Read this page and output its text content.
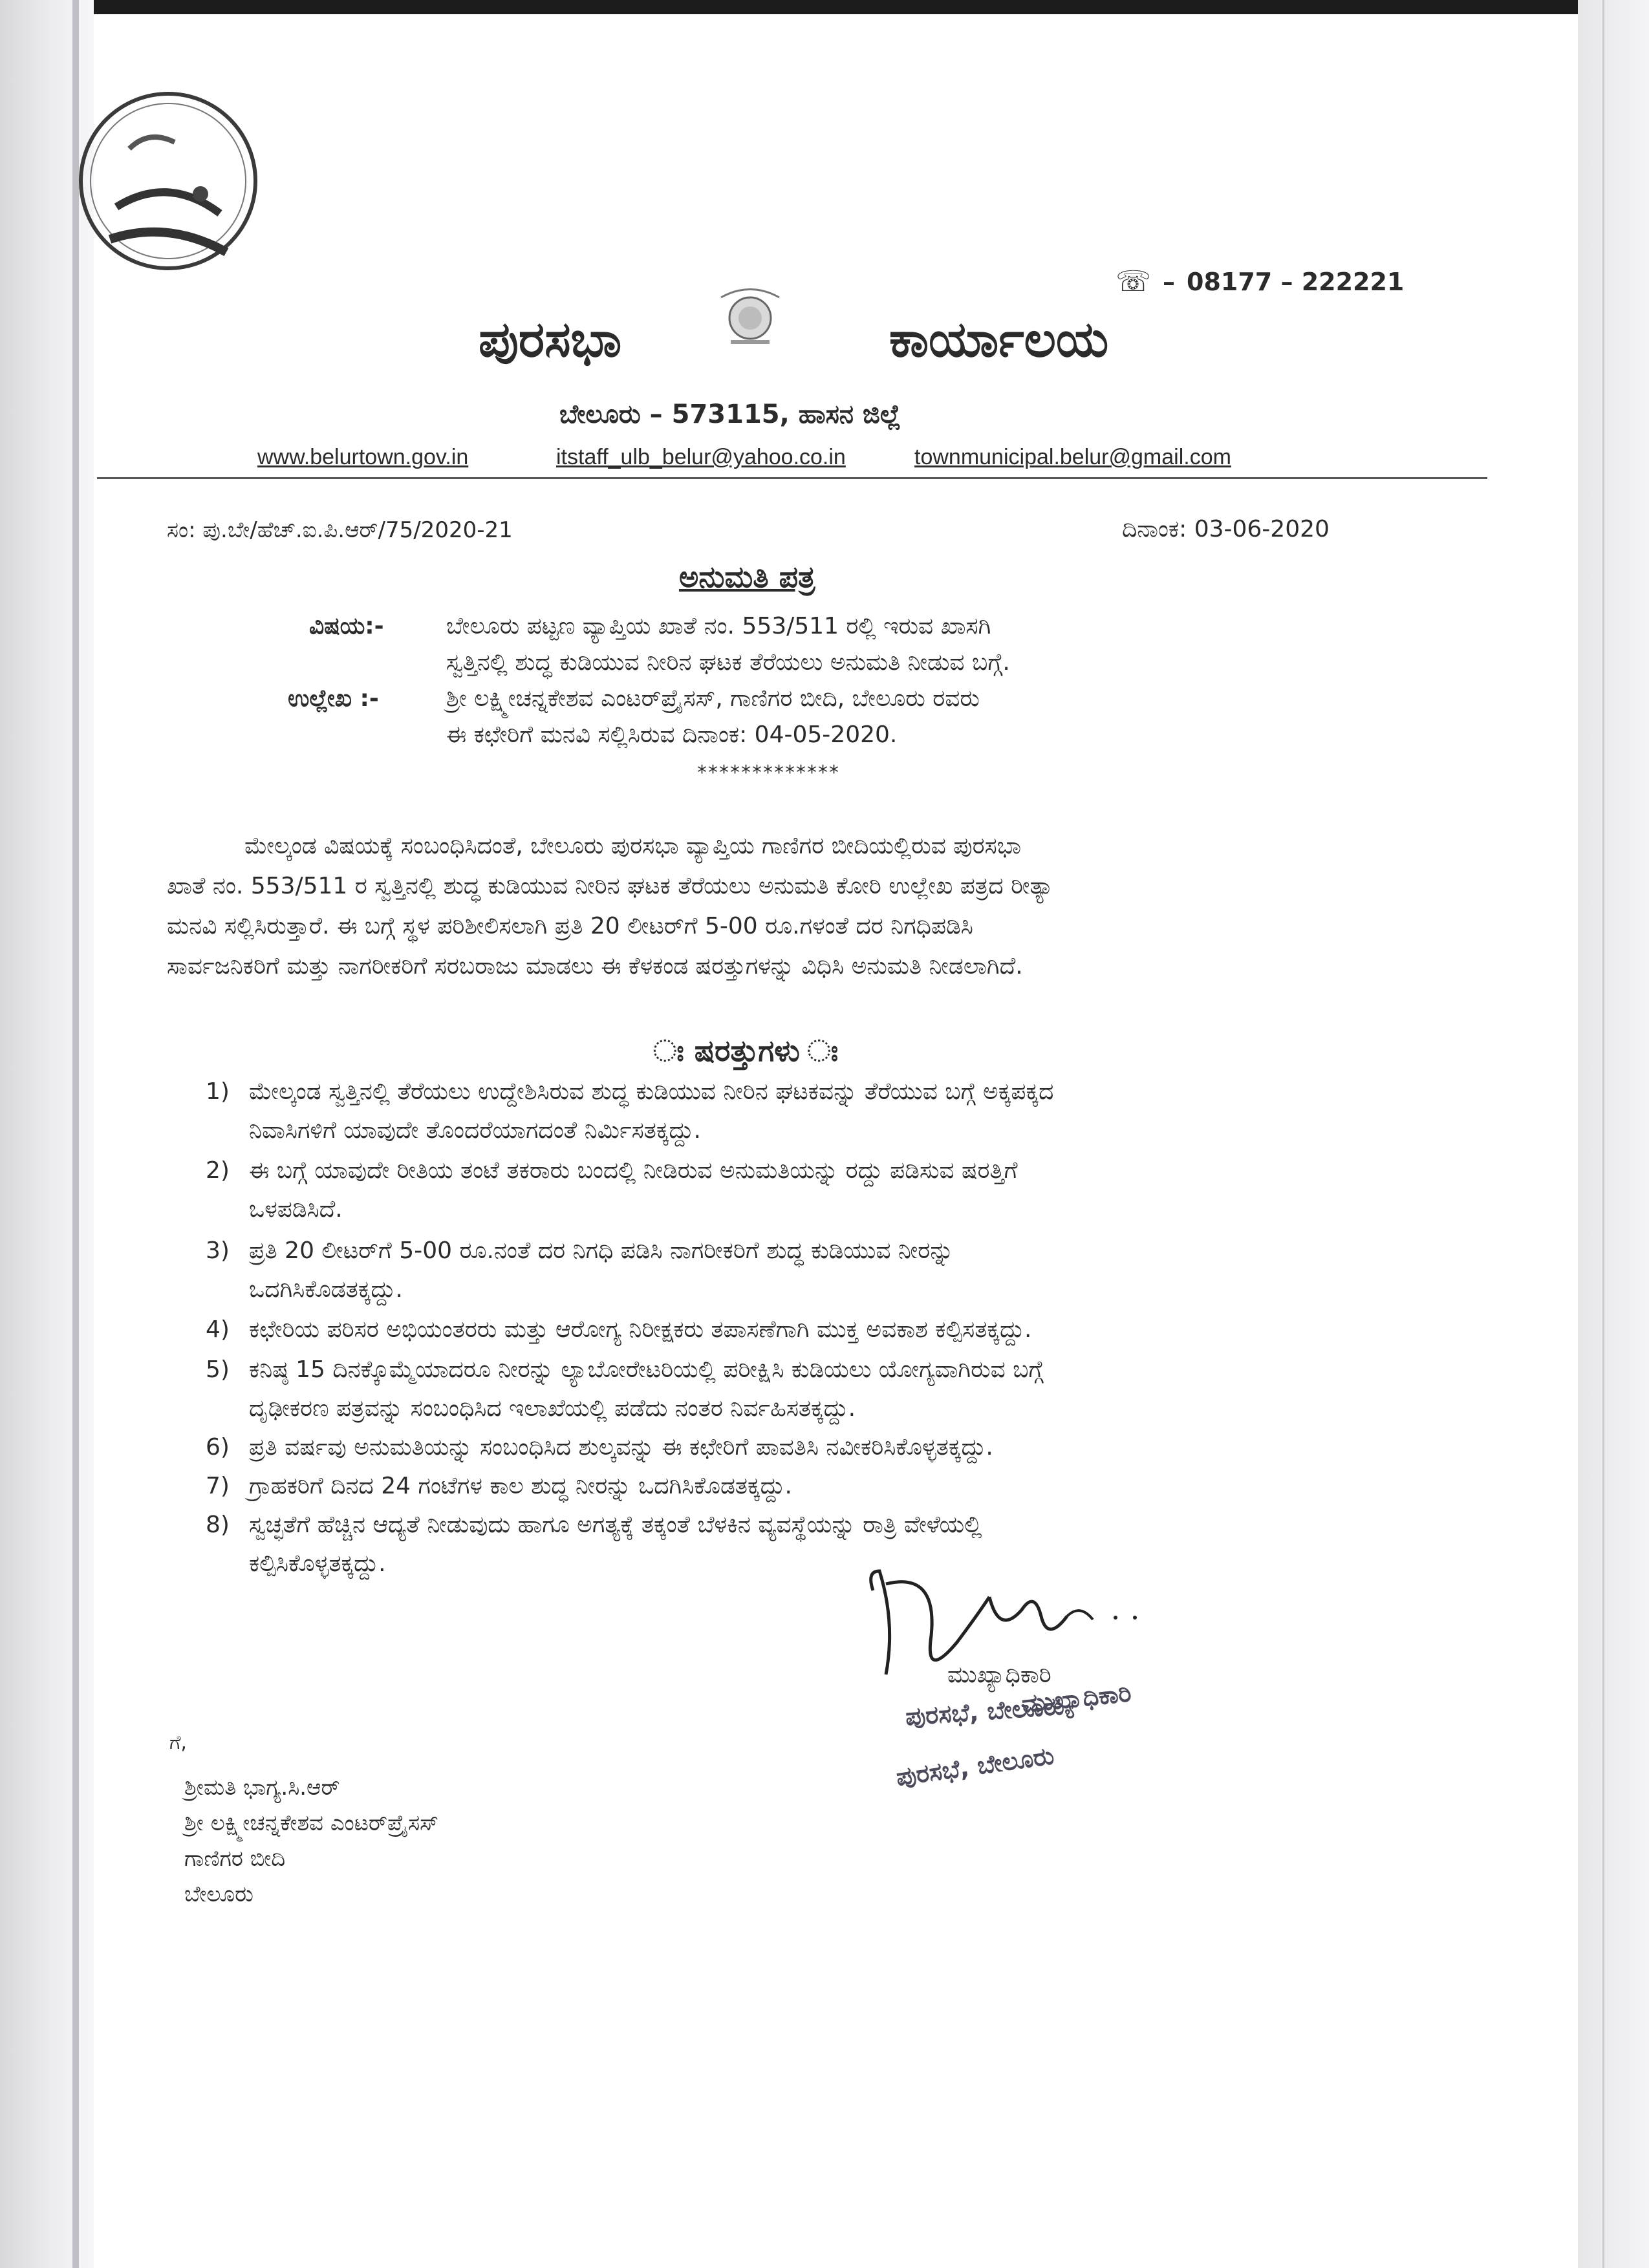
☏ – 08177 – 222221
ಪುರಸಭಾ	ಕಾರ್ಯಾಲಯ
ಬೇಲೂರು – 573115, ಹಾಸನ ಜಿಲ್ಲೆ
www.belurtown.gov.in	itstaff_ulb_belur@yahoo.co.in	townmunicipal.belur@gmail.com
ಸಂ: ಪು.ಬೇ/ಹೆಚ್.ಐ.ಪಿ.ಆರ್/75/2020-21	ದಿನಾಂಕ: 03-06-2020
ಅನುಮತಿ ಪತ್ರ
ವಿಷಯ:-	ಬೇಲೂರು ಪಟ್ಟಣ ವ್ಯಾಪ್ತಿಯ ಖಾತೆ ನಂ. 553/511 ರಲ್ಲಿ ಇರುವ ಖಾಸಗಿ
ಸ್ವತ್ತಿನಲ್ಲಿ ಶುದ್ಧ ಕುಡಿಯುವ ನೀರಿನ ಘಟಕ ತೆರೆಯಲು ಅನುಮತಿ ನೀಡುವ ಬಗ್ಗೆ.
ಉಲ್ಲೇಖ :-	ಶ್ರೀ ಲಕ್ಷ್ಮೀಚನ್ನಕೇಶವ ಎಂಟರ್‌ಪ್ರೈಸಸ್, ಗಾಣಿಗರ ಬೀದಿ, ಬೇಲೂರು ರವರು
ಈ ಕಛೇರಿಗೆ ಮನವಿ ಸಲ್ಲಿಸಿರುವ ದಿನಾಂಕ: 04-05-2020.
*************
ಮೇಲ್ಕಂಡ ವಿಷಯಕ್ಕೆ ಸಂಬಂಧಿಸಿದಂತೆ, ಬೇಲೂರು ಪುರಸಭಾ ವ್ಯಾಪ್ತಿಯ ಗಾಣಿಗರ ಬೀದಿಯಲ್ಲಿರುವ ಪುರಸಭಾ
ಖಾತೆ ನಂ. 553/511 ರ ಸ್ವತ್ತಿನಲ್ಲಿ ಶುದ್ಧ ಕುಡಿಯುವ ನೀರಿನ ಘಟಕ ತೆರೆಯಲು ಅನುಮತಿ ಕೋರಿ ಉಲ್ಲೇಖ ಪತ್ರದ ರೀತ್ಯಾ
ಮನವಿ ಸಲ್ಲಿಸಿರುತ್ತಾರೆ. ಈ ಬಗ್ಗೆ ಸ್ಥಳ ಪರಿಶೀಲಿಸಲಾಗಿ ಪ್ರತಿ 20 ಲೀಟರ್‌ಗೆ 5-00 ರೂ.ಗಳಂತೆ ದರ ನಿಗಧಿಪಡಿಸಿ
ಸಾರ್ವಜನಿಕರಿಗೆ ಮತ್ತು ನಾಗರೀಕರಿಗೆ ಸರಬರಾಜು ಮಾಡಲು ಈ ಕೆಳಕಂಡ ಷರತ್ತುಗಳನ್ನು ವಿಧಿಸಿ ಅನುಮತಿ ನೀಡಲಾಗಿದೆ.
ಃ ಷರತ್ತುಗಳು ಃ
1) ಮೇಲ್ಕಂಡ ಸ್ವತ್ತಿನಲ್ಲಿ ತೆರೆಯಲು ಉದ್ದೇಶಿಸಿರುವ ಶುದ್ಧ ಕುಡಿಯುವ ನೀರಿನ ಘಟಕವನ್ನು ತೆರೆಯುವ ಬಗ್ಗೆ ಅಕ್ಕಪಕ್ಕದ
ನಿವಾಸಿಗಳಿಗೆ ಯಾವುದೇ ತೊಂದರೆಯಾಗದಂತೆ ನಿರ್ಮಿಸತಕ್ಕದ್ದು.
2) ಈ ಬಗ್ಗೆ ಯಾವುದೇ ರೀತಿಯ ತಂಟೆ ತಕರಾರು ಬಂದಲ್ಲಿ ನೀಡಿರುವ ಅನುಮತಿಯನ್ನು ರದ್ದು ಪಡಿಸುವ ಷರತ್ತಿಗೆ
ಒಳಪಡಿಸಿದೆ.
3) ಪ್ರತಿ 20 ಲೀಟರ್‌ಗೆ 5-00 ರೂ.ನಂತೆ ದರ ನಿಗಧಿ ಪಡಿಸಿ ನಾಗರೀಕರಿಗೆ ಶುದ್ಧ ಕುಡಿಯುವ ನೀರನ್ನು
ಒದಗಿಸಿಕೊಡತಕ್ಕದ್ದು.
4) ಕಛೇರಿಯ ಪರಿಸರ ಅಭಿಯಂತರರು ಮತ್ತು ಆರೋಗ್ಯ ನಿರೀಕ್ಷಕರು ತಪಾಸಣೆಗಾಗಿ ಮುಕ್ತ ಅವಕಾಶ ಕಲ್ಪಿಸತಕ್ಕದ್ದು.
5) ಕನಿಷ್ಠ 15 ದಿನಕ್ಕೊಮ್ಮೆಯಾದರೂ ನೀರನ್ನು ಲ್ಯಾಬೋರೇಟರಿಯಲ್ಲಿ ಪರೀಕ್ಷಿಸಿ ಕುಡಿಯಲು ಯೋಗ್ಯವಾಗಿರುವ ಬಗ್ಗೆ
ದೃಢೀಕರಣ ಪತ್ರವನ್ನು ಸಂಬಂಧಿಸಿದ ಇಲಾಖೆಯಲ್ಲಿ ಪಡೆದು ನಂತರ ನಿರ್ವಹಿಸತಕ್ಕದ್ದು.
6) ಪ್ರತಿ ವರ್ಷವು ಅನುಮತಿಯನ್ನು ಸಂಬಂಧಿಸಿದ ಶುಲ್ಕವನ್ನು ಈ ಕಛೇರಿಗೆ ಪಾವತಿಸಿ ನವೀಕರಿಸಿಕೊಳ್ಳತಕ್ಕದ್ದು.
7) ಗ್ರಾಹಕರಿಗೆ ದಿನದ 24 ಗಂಟೆಗಳ ಕಾಲ ಶುದ್ಧ ನೀರನ್ನು ಒದಗಿಸಿಕೊಡತಕ್ಕದ್ದು.
8) ಸ್ವಚ್ಛತೆಗೆ ಹೆಚ್ಚಿನ ಆದ್ಯತೆ ನೀಡುವುದು ಹಾಗೂ ಅಗತ್ಯಕ್ಕೆ ತಕ್ಕಂತೆ ಬೆಳಕಿನ ವ್ಯವಸ್ಥೆಯನ್ನು ರಾತ್ರಿ ವೇಳೆಯಲ್ಲಿ
ಕಲ್ಪಿಸಿಕೊಳ್ಳತಕ್ಕದ್ದು.
ಮುಖ್ಯಾಧಿಕಾರಿ
ಪುರಸಭೆ, ಬೇಲೂರು
ಮುಖ್ಯಾಧಿಕಾರಿ
ಪುರಸಭೆ, ಬೇಲೂರು
ಗೆ,
ಶ್ರೀಮತಿ ಭಾಗ್ಯ.ಸಿ.ಆರ್
ಶ್ರೀ ಲಕ್ಷ್ಮೀಚನ್ನಕೇಶವ ಎಂಟರ್‌ಪ್ರೈಸಸ್
ಗಾಣಿಗರ ಬೀದಿ
ಬೇಲೂರು
